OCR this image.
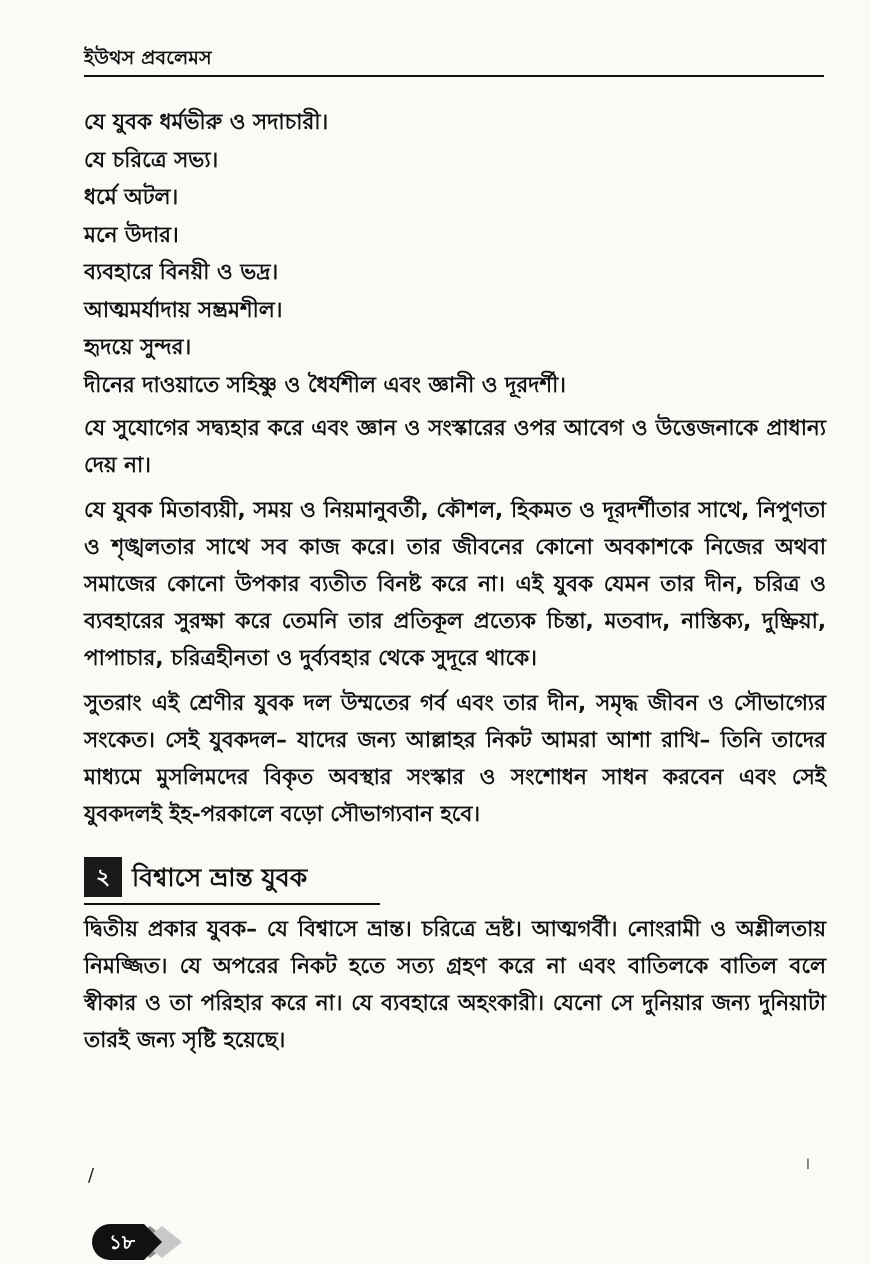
ইউথস প্রবলেমস
যে যুবক ধর্মভীরু ও সদাচারী।
যে চরিত্রে সভ্য।
ধর্মে অটল।
মনে উদার।
ব্যবহারে বিনয়ী ও ভদ্র।
আত্মমর্যাদায় সম্ভ্রমশীল।
হৃদয়ে সুন্দর।
দীনের দাওয়াতে সহিষ্ণু ও ধৈর্যশীল এবং জ্ঞানী ও দূরদর্শী।

যে সুযোগের সদ্ব্যহার করে এবং জ্ঞান ও সংস্কারের ওপর আবেগ ও উত্তেজনাকে প্রাধান্য দেয় না।

যে যুবক মিতাব্যয়ী, সময় ও নিয়মানুবর্তী, কৌশল, হিকমত ও দূরদর্শীতার সাথে, নিপুণতা ও শৃঙ্খলতার সাথে সব কাজ করে। তার জীবনের কোনো অবকাশকে নিজের অথবা সমাজের কোনো উপকার ব্যতীত বিনষ্ট করে না। এই যুবক যেমন তার দীন, চরিত্র ও ব্যবহারের সুরক্ষা করে তেমনি তার প্রতিকূল প্রত্যেক চিন্তা, মতবাদ, নাস্তিক্য, দুষ্ক্রিয়া, পাপাচার, চরিত্রহীনতা ও দুর্ব্যবহার থেকে সুদূরে থাকে।

সুতরাং এই শ্রেণীর যুবক দল উম্মতের গর্ব এবং তার দীন, সমৃদ্ধ জীবন ও সৌভাগ্যের সংকেত। সেই যুবকদল– যাদের জন্য আল্লাহর নিকট আমরা আশা রাখি– তিনি তাদের মাধ্যমে মুসলিমদের বিকৃত অবস্থার সংস্কার ও সংশোধন সাধন করবেন এবং সেই যুবকদলই ইহ-পরকালে বড়ো সৌভাগ্যবান হবে।

২ বিশ্বাসে ভ্রান্ত যুবক

দ্বিতীয় প্রকার যুবক– যে বিশ্বাসে ভ্রান্ত। চরিত্রে ভ্রষ্ট। আত্মগর্বী। নোংরামী ও অশ্লীলতায় নিমজ্জিত। যে অপরের নিকট হতে সত্য গ্রহণ করে না এবং বাতিলকে বাতিল বলে স্বীকার ও তা পরিহার করে না। যে ব্যবহারে অহংকারী। যেনো সে দুনিয়ার জন্য দুনিয়াটা তারই জন্য সৃষ্টি হয়েছে।

/	ا
১৮
